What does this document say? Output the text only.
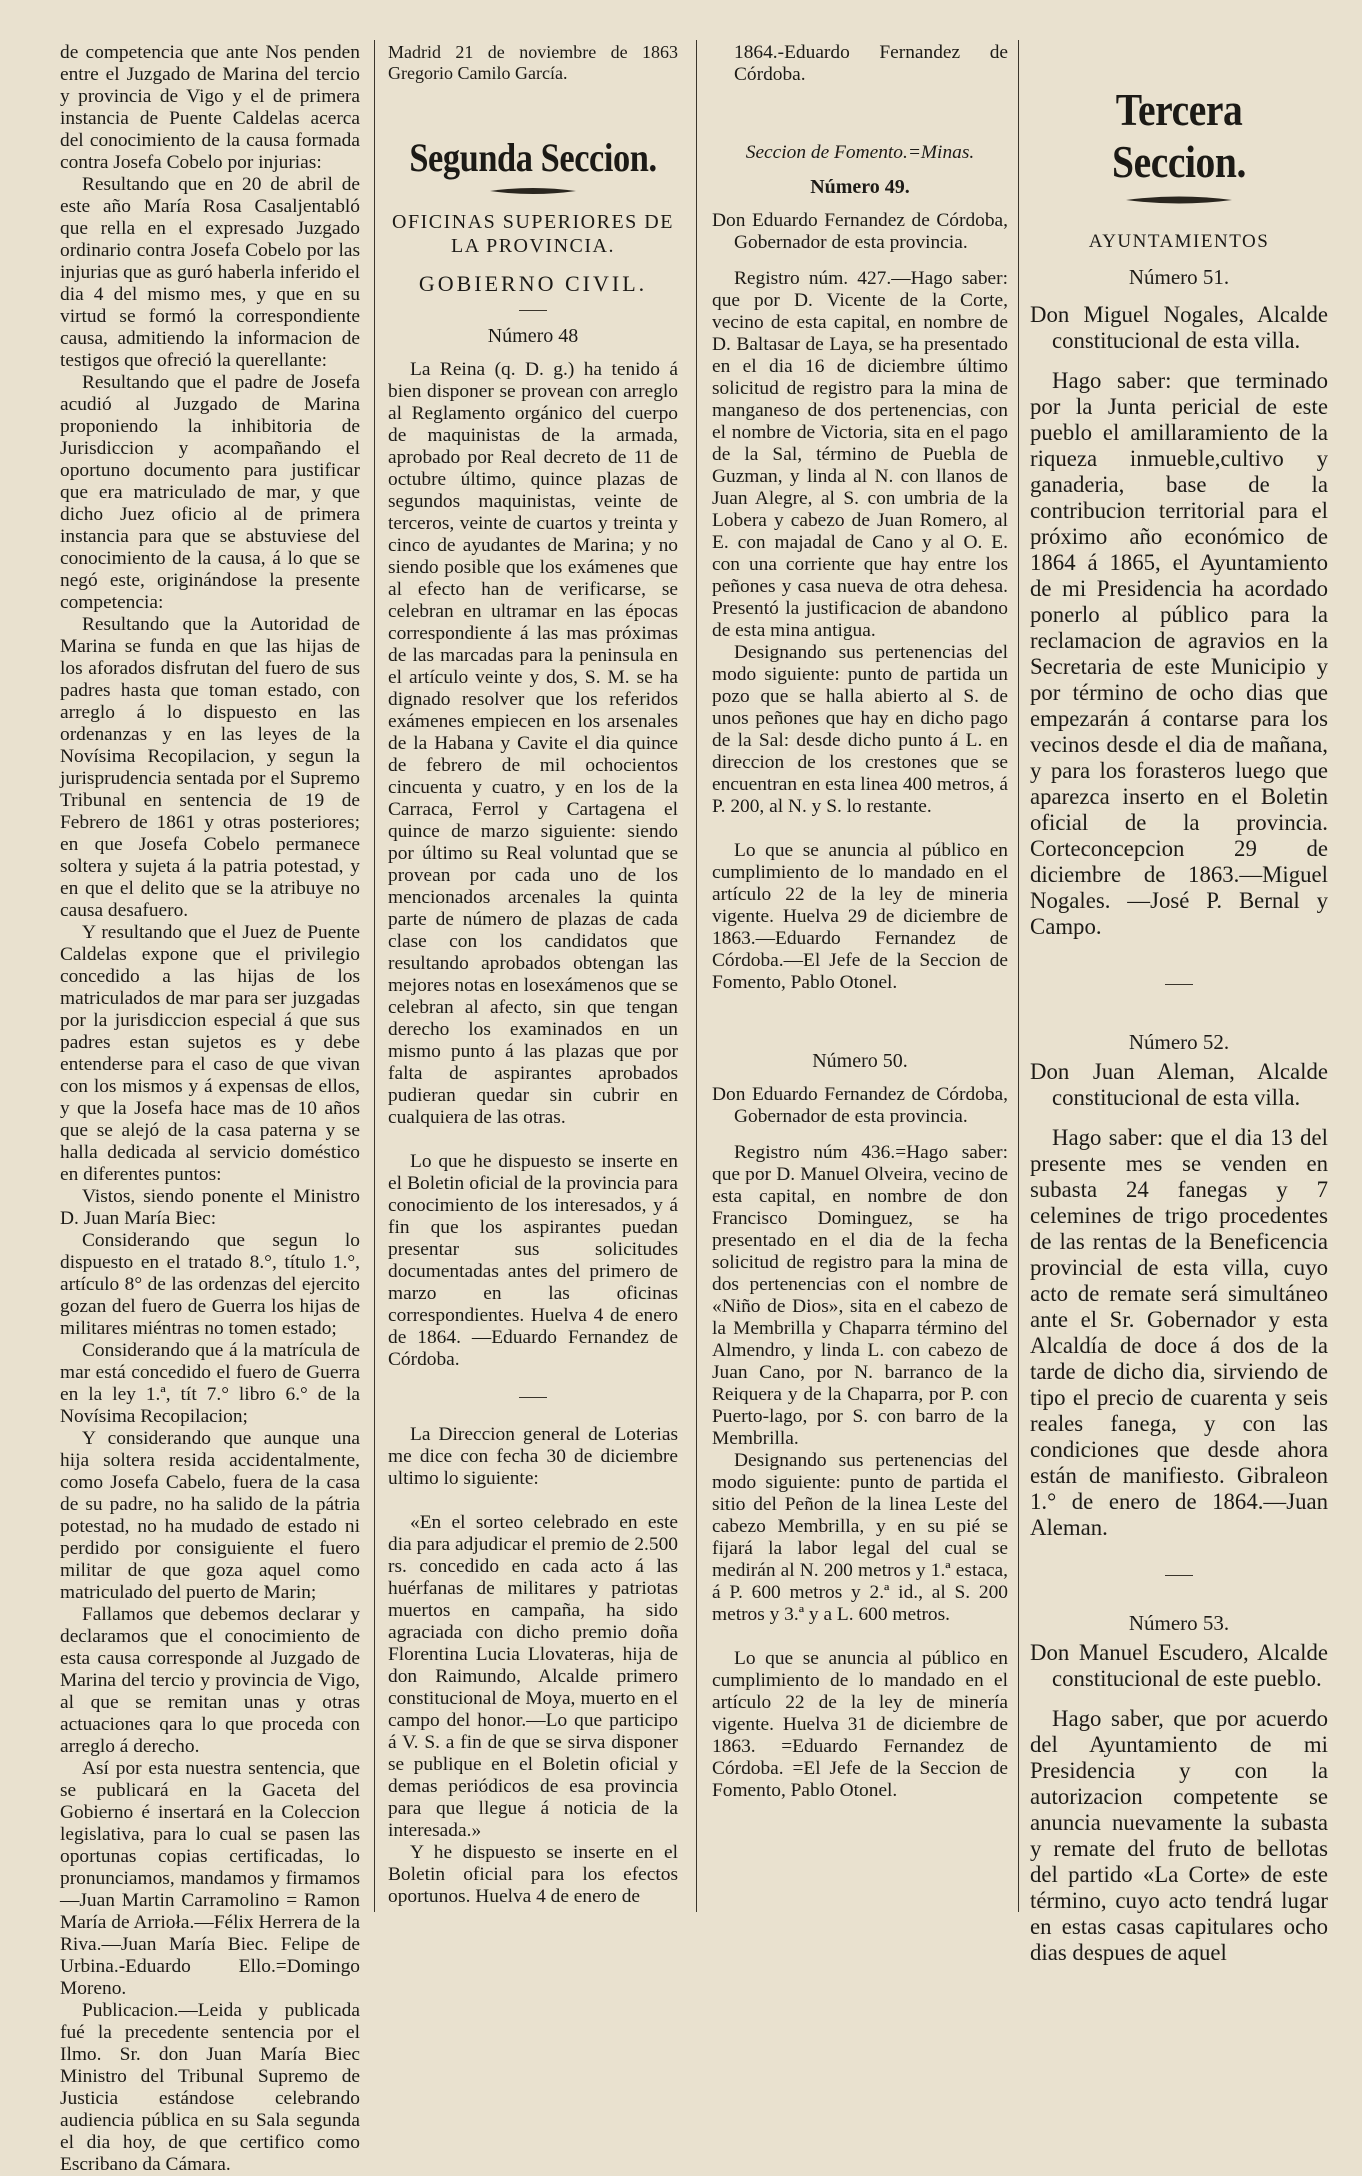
de competencia que ante Nos penden entre el Juzgado de Marina del tercio y provincia de Vigo y el de primera instancia de Puente Caldelas acerca del conocimiento de la causa formada contra Josefa Cobelo por injurias:

Resultando que en 20 de abril de este año María Rosa Casaljentabló que rella en el expresado Juzgado ordinario contra Josefa Cobelo por las injurias que as guró haberla inferido el dia 4 del mismo mes, y que en su virtud se formó la correspondiente causa, admitiendo la informacion de testigos que ofreció la querellante:

Resultando que el padre de Josefa acudió al Juzgado de Marina proponiendo la inhibitoria de Jurisdiccion y acompañando el oportuno documento para justificar que era matriculado de mar, y que dicho Juez oficio al de primera instancia para que se abstuviese del conocimiento de la causa, á lo que se negó este, originándose la presente competencia:

Resultando que la Autoridad de Marina se funda en que las hijas de los aforados disfrutan del fuero de sus padres hasta que toman estado, con arreglo á lo dispuesto en las ordenanzas y en las leyes de la Novísima Recopilacion, y segun la jurisprudencia sentada por el Supremo Tribunal en sentencia de 19 de Febrero de 1861 y otras posteriores; en que Josefa Cobelo permanece soltera y sujeta á la patria potestad, y en que el delito que se la atribuye no causa desafuero.

Y resultando que el Juez de Puente Caldelas expone que el privilegio concedido a las hijas de los matriculados de mar para ser juzgadas por la jurisdiccion especial á que sus padres estan sujetos es y debe entenderse para el caso de que vivan con los mismos y á expensas de ellos, y que la Josefa hace mas de 10 años que se alejó de la casa paterna y se halla dedicada al servicio doméstico en diferentes puntos:

Vistos, siendo ponente el Ministro D. Juan María Biec:

Considerando que segun lo dispuesto en el tratado 8.°, título 1.°, artículo 8° de las ordenzas del ejercito gozan del fuero de Guerra los hijas de militares miéntras no tomen estado;

Considerando que á la matrícula de mar está concedido el fuero de Guerra en la ley 1.ª, tít 7.° libro 6.° de la Novísima Recopilacion;

Y considerando que aunque una hija soltera resida accidentalmente, como Josefa Cabelo, fuera de la casa de su padre, no ha salido de la pátria potestad, no ha mudado de estado ni perdido por consiguiente el fuero militar de que goza aquel como matriculado del puerto de Marin;

Fallamos que debemos declarar y declaramos que el conocimiento de esta causa corresponde al Juzgado de Marina del tercio y provincia de Vigo, al que se remitan unas y otras actuaciones qara lo que proceda con arreglo á derecho.

Así por esta nuestra sentencia, que se publicará en la Gaceta del Gobierno é insertará en la Coleccion legislativa, para lo cual se pasen las oportunas copias certificadas, lo pronunciamos, mandamos y firmamos —Juan Martin Carramolino = Ramon María de Arrioła.—Félix Herrera de la Riva.—Juan María Biec. Felipe de Urbina.-Eduardo Ello.=Domingo Moreno.

Publicacion.—Leida y publicada fué la precedente sentencia por el Ilmo. Sr. don Juan María Biec Ministro del Tribunal Supremo de Justicia estándose celebrando audiencia pública en su Sala segunda el dia hoy, de que certifico como Escribano da Cámara.

Madrid 21 de noviembre de 1863 Gregorio Camilo García.

Segunda Seccion.
OFICINAS SUPERIORES DE LA PROVINCIA.
GOBIERNO CIVIL.
Número 48

La Reina (q. D. g.) ha tenido á bien disponer se provean con arreglo al Reglamento orgánico del cuerpo de maquinistas de la armada, aprobado por Real decreto de 11 de octubre último, quince plazas de segundos maquinistas, veinte de terceros, veinte de cuartos y treinta y cinco de ayudantes de Marina; y no siendo posible que los exámenes que al efecto han de verificarse, se celebran en ultramar en las épocas correspondiente á las mas próximas de las marcadas para la peninsula en el artículo veinte y dos, S. M. se ha dignado resolver que los referidos exámenes empiecen en los arsenales de la Habana y Cavite el dia quince de febrero de mil ochocientos cincuenta y cuatro, y en los de la Carraca, Ferrol y Cartagena el quince de marzo siguiente: siendo por último su Real voluntad que se provean por cada uno de los mencionados arcenales la quinta parte de número de plazas de cada clase con los candidatos que resultando aprobados obtengan las mejores notas en losexámenos que se celebran al afecto, sin que tengan derecho los examinados en un mismo punto á las plazas que por falta de aspirantes aprobados pudieran quedar sin cubrir en cualquiera de las otras.

Lo que he dispuesto se inserte en el Boletin oficial de la provincia para conocimiento de los interesados, y á fin que los aspirantes puedan presentar sus solicitudes documentadas antes del primero de marzo en las oficinas correspondientes. Huelva 4 de enero de 1864. —Eduardo Fernandez de Córdoba.

La Direccion general de Loterias me dice con fecha 30 de diciembre ultimo lo siguiente:

«En el sorteo celebrado en este dia para adjudicar el premio de 2.500 rs. concedido en cada acto á las huérfanas de militares y patriotas muertos en campaña, ha sido agraciada con dicho premio doña Florentina Lucia Llovateras, hija de don Raimundo, Alcalde primero constitucional de Moya, muerto en el campo del honor.—Lo que participo á V. S. a fin de que se sirva disponer se publique en el Boletin oficial y demas periódicos de esa provincia para que llegue á noticia de la interesada.»

Y he dispuesto se inserte en el Boletin oficial para los efectos oportunos. Huelva 4 de enero de

1864.-Eduardo Fernandez de Córdoba.

Seccion de Fomento.=Minas.
Número 49.

Don Eduardo Fernandez de Córdoba, Gobernador de esta provincia.

Registro núm. 427.—Hago saber: que por D. Vicente de la Corte, vecino de esta capital, en nombre de D. Baltasar de Laya, se ha presentado en el dia 16 de diciembre último solicitud de registro para la mina de manganeso de dos pertenencias, con el nombre de Victoria, sita en el pago de la Sal, término de Puebla de Guzman, y linda al N. con llanos de Juan Alegre, al S. con umbria de la Lobera y cabezo de Juan Romero, al E. con majadal de Cano y al O. E. con una corriente que hay entre los peñones y casa nueva de otra dehesa. Presentó la justificacion de abandono de esta mina antigua.

Designando sus pertenencias del modo siguiente: punto de partida un pozo que se halla abierto al S. de unos peñones que hay en dicho pago de la Sal: desde dicho punto á L. en direccion de los crestones que se encuentran en esta linea 400 metros, á P. 200, al N. y S. lo restante.

Lo que se anuncia al público en cumplimiento de lo mandado en el artículo 22 de la ley de mineria vigente. Huelva 29 de diciembre de 1863.—Eduardo Fernandez de Córdoba.—El Jefe de la Seccion de Fomento, Pablo Otonel.

Número 50.

Don Eduardo Fernandez de Córdoba, Gobernador de esta provincia.

Registro núm 436.=Hago saber: que por D. Manuel Olveira, vecino de esta capital, en nombre de don Francisco Dominguez, se ha presentado en el dia de la fecha solicitud de registro para la mina de dos pertenencias con el nombre de «Niño de Dios», sita en el cabezo de la Membrilla y Chaparra término del Almendro, y linda L. con cabezo de Juan Cano, por N. barranco de la Reiquera y de la Chaparra, por P. con Puerto-lago, por S. con barro de la Membrilla.

Designando sus pertenencias del modo siguiente: punto de partida el sitio del Peñon de la linea Leste del cabezo Membrilla, y en su pié se fijará la labor legal del cual se medirán al N. 200 metros y 1.ª estaca, á P. 600 metros y 2.ª id., al S. 200 metros y 3.ª y a L. 600 metros.

Lo que se anuncia al público en cumplimiento de lo mandado en el artículo 22 de la ley de minería vigente. Huelva 31 de diciembre de 1863. =Eduardo Fernandez de Córdoba. =El Jefe de la Seccion de Fomento, Pablo Otonel.

Tercera Seccion.
AYUNTAMIENTOS
Número 51.

Don Miguel Nogales, Alcalde constitucional de esta villa.

Hago saber: que terminado por la Junta pericial de este pueblo el amillaramiento de la riqueza inmueble,cultivo y ganaderia, base de la contribucion territorial para el próximo año económico de 1864 á 1865, el Ayuntamiento de mi Presidencia ha acordado ponerlo al público para la reclamacion de agravios en la Secretaria de este Municipio y por término de ocho dias que empezarán á contarse para los vecinos desde el dia de mañana, y para los forasteros luego que aparezca inserto en el Boletin oficial de la provincia. Corteconcepcion 29 de diciembre de 1863.—Miguel Nogales. —José P. Bernal y Campo.

Número 52.

Don Juan Aleman, Alcalde constitucional de esta villa.

Hago saber: que el dia 13 del presente mes se venden en subasta 24 fanegas y 7 celemines de trigo procedentes de las rentas de la Beneficencia provincial de esta villa, cuyo acto de remate será simultáneo ante el Sr. Gobernador y esta Alcaldía de doce á dos de la tarde de dicho dia, sirviendo de tipo el precio de cuarenta y seis reales fanega, y con las condiciones que desde ahora están de manifiesto. Gibraleon 1.° de enero de 1864.—Juan Aleman.

Número 53.

Don Manuel Escudero, Alcalde constitucional de este pueblo.

Hago saber, que por acuerdo del Ayuntamiento de mi Presidencia y con la autorizacion competente se anuncia nuevamente la subasta y remate del fruto de bellotas del partido «La Corte» de este término, cuyo acto tendrá lugar en estas casas capitulares ocho dias despues de aquel
